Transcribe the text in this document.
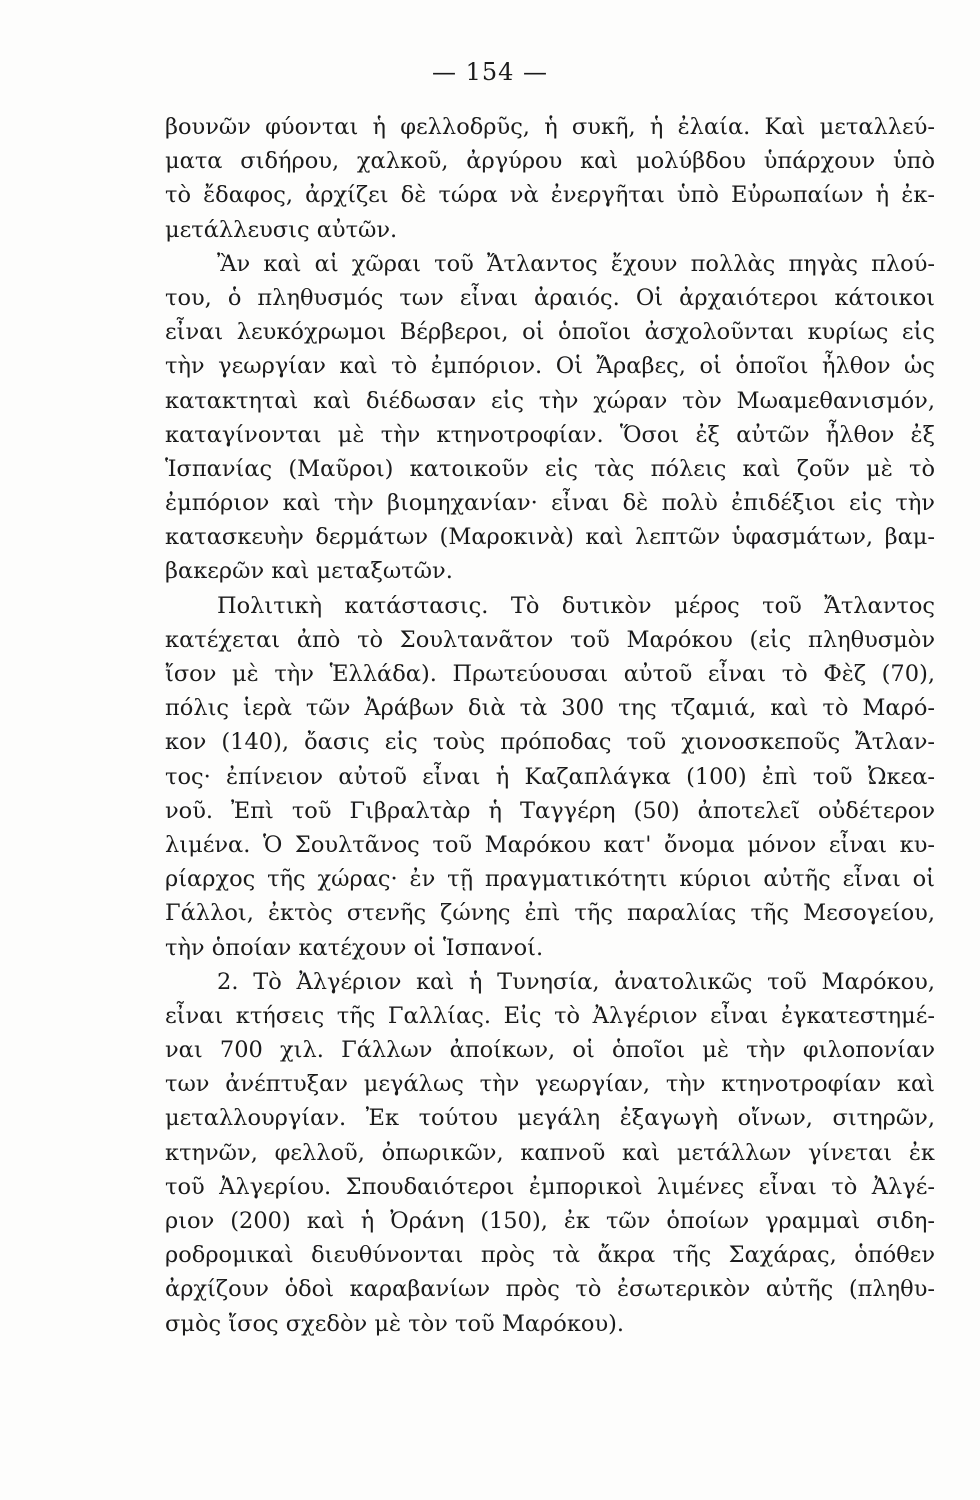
— 154 —
βουνῶν φύονται ἡ φελλοδρῦς, ἡ συκῆ, ἡ ἐλαία. Καὶ μεταλλεύ-
ματα σιδήρου, χαλκοῦ, ἀργύρου καὶ μολύβδου ὑπάρχουν ὑπὸ
τὸ ἔδαφος, ἀρχίζει δὲ τώρα νὰ ἐνεργῆται ὑπὸ Εὐρωπαίων ἡ ἐκ-
μετάλλευσις αὐτῶν.
Ἂν καὶ αἱ χῶραι τοῦ Ἄτλαντος ἔχουν πολλὰς πηγὰς πλού-
του, ὁ πληθυσμός των εἶναι ἀραιός. Οἱ ἀρχαιότεροι κάτοικοι
εἶναι λευκόχρωμοι Βέρβεροι, οἱ ὁποῖοι ἀσχολοῦνται κυρίως εἰς
τὴν γεωργίαν καὶ τὸ ἐμπόριον. Οἱ Ἄραβες, οἱ ὁποῖοι ἦλθον ὡς
κατακτηταὶ καὶ διέδωσαν εἰς τὴν χώραν τὸν Μωαμεθανισμόν,
καταγίνονται μὲ τὴν κτηνοτροφίαν. Ὅσοι ἐξ αὐτῶν ἦλθον ἐξ
Ἱσπανίας (Μαῦροι) κατοικοῦν εἰς τὰς πόλεις καὶ ζοῦν μὲ τὸ
ἐμπόριον καὶ τὴν βιομηχανίαν· εἶναι δὲ πολὺ ἐπιδέξιοι εἰς τὴν
κατασκευὴν δερμάτων (Μαροκινὰ) καὶ λεπτῶν ὑφασμάτων, βαμ-
βακερῶν καὶ μεταξωτῶν.
Πολιτικὴ κατάστασις. Τὸ δυτικὸν μέρος τοῦ Ἄτλαντος
κατέχεται ἀπὸ τὸ Σουλτανᾶτον τοῦ Μαρόκου (εἰς πληθυσμὸν
ἴσον μὲ τὴν Ἑλλάδα). Πρωτεύουσαι αὐτοῦ εἶναι τὸ Φὲζ (70),
πόλις ἱερὰ τῶν Ἀράβων διὰ τὰ 300 της τζαμιά, καὶ τὸ Μαρό-
κον (140), ὄασις εἰς τοὺς πρόποδας τοῦ χιονοσκεποῦς Ἄτλαν-
τος· ἐπίνειον αὐτοῦ εἶναι ἡ Καζαπλάγκα (100) ἐπὶ τοῦ Ὠκεα-
νοῦ. Ἐπὶ τοῦ Γιβραλτὰρ ἡ Ταγγέρη (50) ἀποτελεῖ οὐδέτερον
λιμένα. Ὁ Σουλτᾶνος τοῦ Μαρόκου κατ' ὄνομα μόνον εἶναι κυ-
ρίαρχος τῆς χώρας· ἐν τῇ πραγματικότητι κύριοι αὐτῆς εἶναι οἱ
Γάλλοι, ἐκτὸς στενῆς ζώνης ἐπὶ τῆς παραλίας τῆς Μεσογείου,
τὴν ὁποίαν κατέχουν οἱ Ἱσπανοί.
2. Τὸ Ἀλγέριον καὶ ἡ Τυνησία, ἀνατολικῶς τοῦ Μαρόκου,
εἶναι κτήσεις τῆς Γαλλίας. Εἰς τὸ Ἀλγέριον εἶναι ἐγκατεστημέ-
ναι 700 χιλ. Γάλλων ἀποίκων, οἱ ὁποῖοι μὲ τὴν φιλοπονίαν
των ἀνέπτυξαν μεγάλως τὴν γεωργίαν, τὴν κτηνοτροφίαν καὶ
μεταλλουργίαν. Ἐκ τούτου μεγάλη ἐξαγωγὴ οἴνων, σιτηρῶν,
κτηνῶν, φελλοῦ, ὀπωρικῶν, καπνοῦ καὶ μετάλλων γίνεται ἐκ
τοῦ Ἀλγερίου. Σπουδαιότεροι ἐμπορικοὶ λιμένες εἶναι τὸ Ἀλγέ-
ριον (200) καὶ ἡ Ὀράνη (150), ἐκ τῶν ὁποίων γραμμαὶ σιδη-
ροδρομικαὶ διευθύνονται πρὸς τὰ ἄκρα τῆς Σαχάρας, ὁπόθεν
ἀρχίζουν ὁδοὶ καραβανίων πρὸς τὸ ἐσωτερικὸν αὐτῆς (πληθυ-
σμὸς ἴσος σχεδὸν μὲ τὸν τοῦ Μαρόκου).
